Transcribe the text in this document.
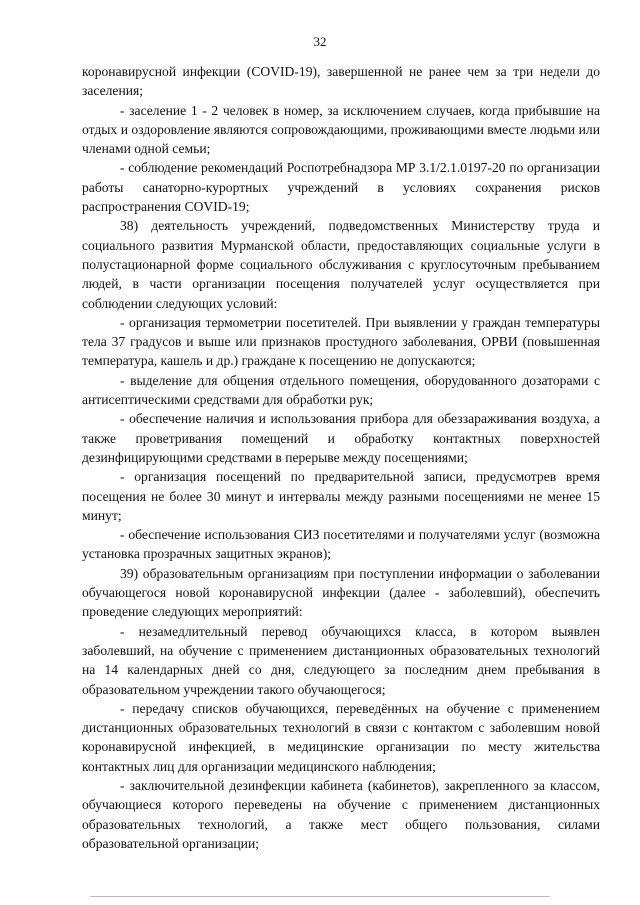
32

коронавирусной инфекции (COVID-19), завершенной не ранее чем за три недели до заселения;

- заселение 1 - 2 человек в номер, за исключением случаев, когда прибывшие на отдых и оздоровление являются сопровождающими, проживающими вместе людьми или членами одной семьи;

- соблюдение рекомендаций Роспотребнадзора МР 3.1/2.1.0197-20 по организации работы санаторно-курортных учреждений в условиях сохранения рисков распространения COVID-19;

38) деятельность учреждений, подведомственных Министерству труда и социального развития Мурманской области, предоставляющих социальные услуги в полустационарной форме социального обслуживания с круглосуточным пребыванием людей, в части организации посещения получателей услуг осуществляется при соблюдении следующих условий:

- организация термометрии посетителей. При выявлении у граждан температуры тела 37 градусов и выше или признаков простудного заболевания, ОРВИ (повышенная температура, кашель и др.) граждане к посещению не допускаются;

- выделение для общения отдельного помещения, оборудованного дозаторами с антисептическими средствами для обработки рук;

- обеспечение наличия и использования прибора для обеззараживания воздуха, а также проветривания помещений и обработку контактных поверхностей дезинфицирующими средствами в перерыве между посещениями;

- организация посещений по предварительной записи, предусмотрев время посещения не более 30 минут и интервалы между разными посещениями не менее 15 минут;

- обеспечение использования СИЗ посетителями и получателями услуг (возможна установка прозрачных защитных экранов);

39) образовательным организациям при поступлении информации о заболевании обучающегося новой коронавирусной инфекции (далее - заболевший), обеспечить проведение следующих мероприятий:

- незамедлительный перевод обучающихся класса, в котором выявлен заболевший, на обучение с применением дистанционных образовательных технологий на 14 календарных дней со дня, следующего за последним днем пребывания в образовательном учреждении такого обучающегося;

- передачу списков обучающихся, переведённых на обучение с применением дистанционных образовательных технологий в связи с контактом с заболевшим новой коронавирусной инфекцией, в медицинские организации по месту жительства контактных лиц для организации медицинского наблюдения;

- заключительной дезинфекции кабинета (кабинетов), закрепленного за классом, обучающиеся которого переведены на обучение с применением дистанционных образовательных технологий, а также мест общего пользования, силами образовательной организации;
